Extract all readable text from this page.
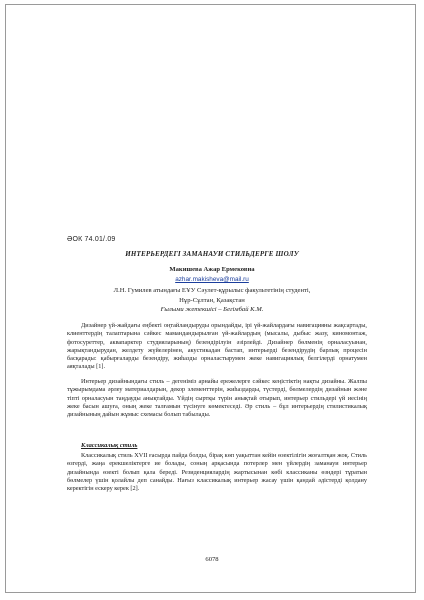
ӘОК 74.01/.09
ИНТЕРЬЕРДЕГІ ЗАМАНАУИ СТИЛЬДЕРГЕ ШОЛУ
Макишева Ажар Ермековна
azhar.makisheva@mail.ru
Л.Н. Гумилев атындағы ЕҰУ Сәулет-құрылыс факультетінің студенті,
Нұр-Сұлтан, Қазақстан
Ғылыми жетекшісі – Бегімбай К.М.
Дизайнер үй-жайдағы еңбекті оңтайландыруды орындайды, ірі үй-жайлардағы навигацияны жақсартады, клиенттердің талаптарына сәйкес мамандандырылған үй-жайлардың (мысалы, дыбыс жазу, киномонтаж, фотосуреттер, аквапарктер студияларының) безендірілуін әзірлейді. Дизайнер бөлменің орналасуынан, жарықтандырудан, желдету жүйелерінен, акустикадан бастап, интерьерді безендірудің барлық процесін басқарады: қабырғаларды безендіру, жиһазды орналастырумен жеке навигациялық белгілерді орнатумен аяқталады [1].
Интерьер дизайнындағы стиль – дегеніміз арнайы ережелерге сәйкес кеңістіктің нақты дизайны. Жалпы тұжырымдама әрлеу материалдарын, декор элементтерін, жиһаздарды, түстерді, бөлмелердің дизайнын және тіпті орналасуын таңдауды анықтайды. Үйдің сыртқы түрін анықтай отырып, интерьер стильдері үй иесінің жеке басын ашуға, оның жеке талғамын түсінуге көмектеседі. Әр стиль – бұл интерьердің стилистикалық дизайнының дайын жұмыс схемасы болып табылады.
Классикалық стиль
Классикалық стиль XVII ғасырда пайда болды, бірақ көп уақыттан кейін өзектілігін жоғалтқан жоқ. Стиль өзгерді, жаңа ерекшеліктерге ие болады, соның арқасында потерлер мен үйлердің заманауи интерьер дизайнында өзекті болып қала береді. Резиденциялардің жартысынан көбі классиканы өзндері тұратын бөлмелер үшін қолайлы деп санайды. Нағыз классикалық интерьер жасау үшін қандай әдістерді қолдану керектігін ескеру керек [2].
6078
